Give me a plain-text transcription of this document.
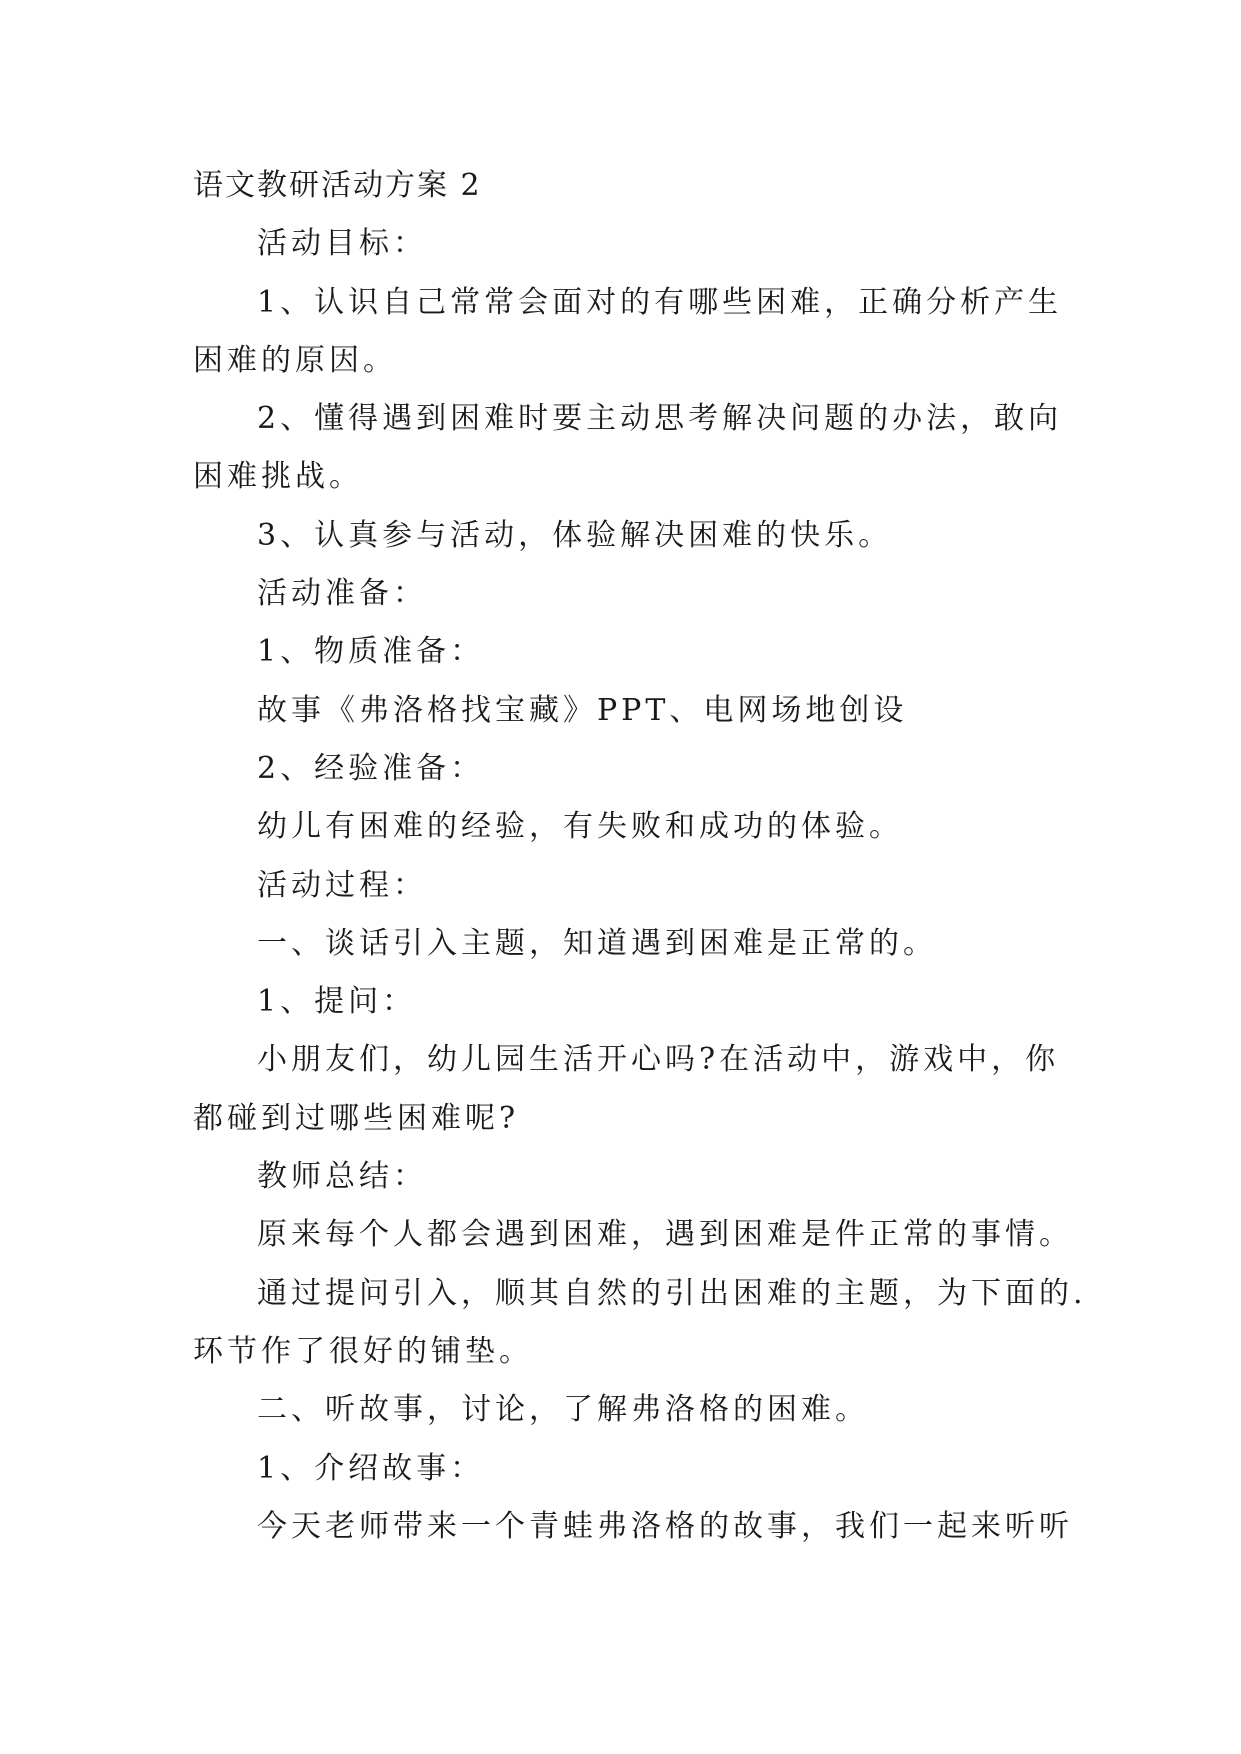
语文教研活动方案 2

活动目标：

1、认识自己常常会面对的有哪些困难，正确分析产生

困难的原因。

2、懂得遇到困难时要主动思考解决问题的办法，敢向

困难挑战。

3、认真参与活动，体验解决困难的快乐。

活动准备：

1、物质准备：

故事《弗洛格找宝藏》PPT、电网场地创设

2、经验准备：

幼儿有困难的经验，有失败和成功的体验。

活动过程：

一、谈话引入主题，知道遇到困难是正常的。

1、提问：

小朋友们，幼儿园生活开心吗?在活动中，游戏中，你

都碰到过哪些困难呢?

教师总结：

原来每个人都会遇到困难，遇到困难是件正常的事情。

通过提问引入，顺其自然的引出困难的主题，为下面的.

环节作了很好的铺垫。

二、听故事，讨论，了解弗洛格的困难。

1、介绍故事：

今天老师带来一个青蛙弗洛格的故事，我们一起来听听
